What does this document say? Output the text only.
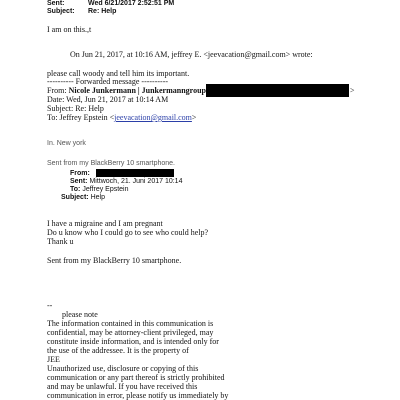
Sent:	Wed 6/21/2017 2:52:51 PM
Subject: Re: Help
I am on this.,t
On Jun 21, 2017, at 10:16 AM, jeffrey E. <jeevacation@gmail.com> wrote:
please call woody and tell him its important.
---------- Forwarded message ----------
From: Nicole Junkermann | Junkermanngroup	>
Date: Wed, Jun 21, 2017 at 10:14 AM
Subject: Re: Help
To: Jeffrey Epstein <jeevacation@gmail.com>
In. New york
Sent from my BlackBerry 10 smartphone.
From:
Sent: Mittwoch, 21. Juni 2017 10:14
To: Jeffrey Epstein
Subject: Help
I have a migraine and I am pregnant
Do u know who I could go to see who could help?
Thank u
Sent from my BlackBerry 10 smartphone.
--
please note
The information contained in this communication is
confidential, may be attorney-client privileged, may
constitute inside information, and is intended only for
the use of the addressee. It is the property of
JEE
Unauthorized use, disclosure or copying of this
communication or any part thereof is strictly prohibited
and may be unlawful. If you have received this
communication in error, please notify us immediately by
